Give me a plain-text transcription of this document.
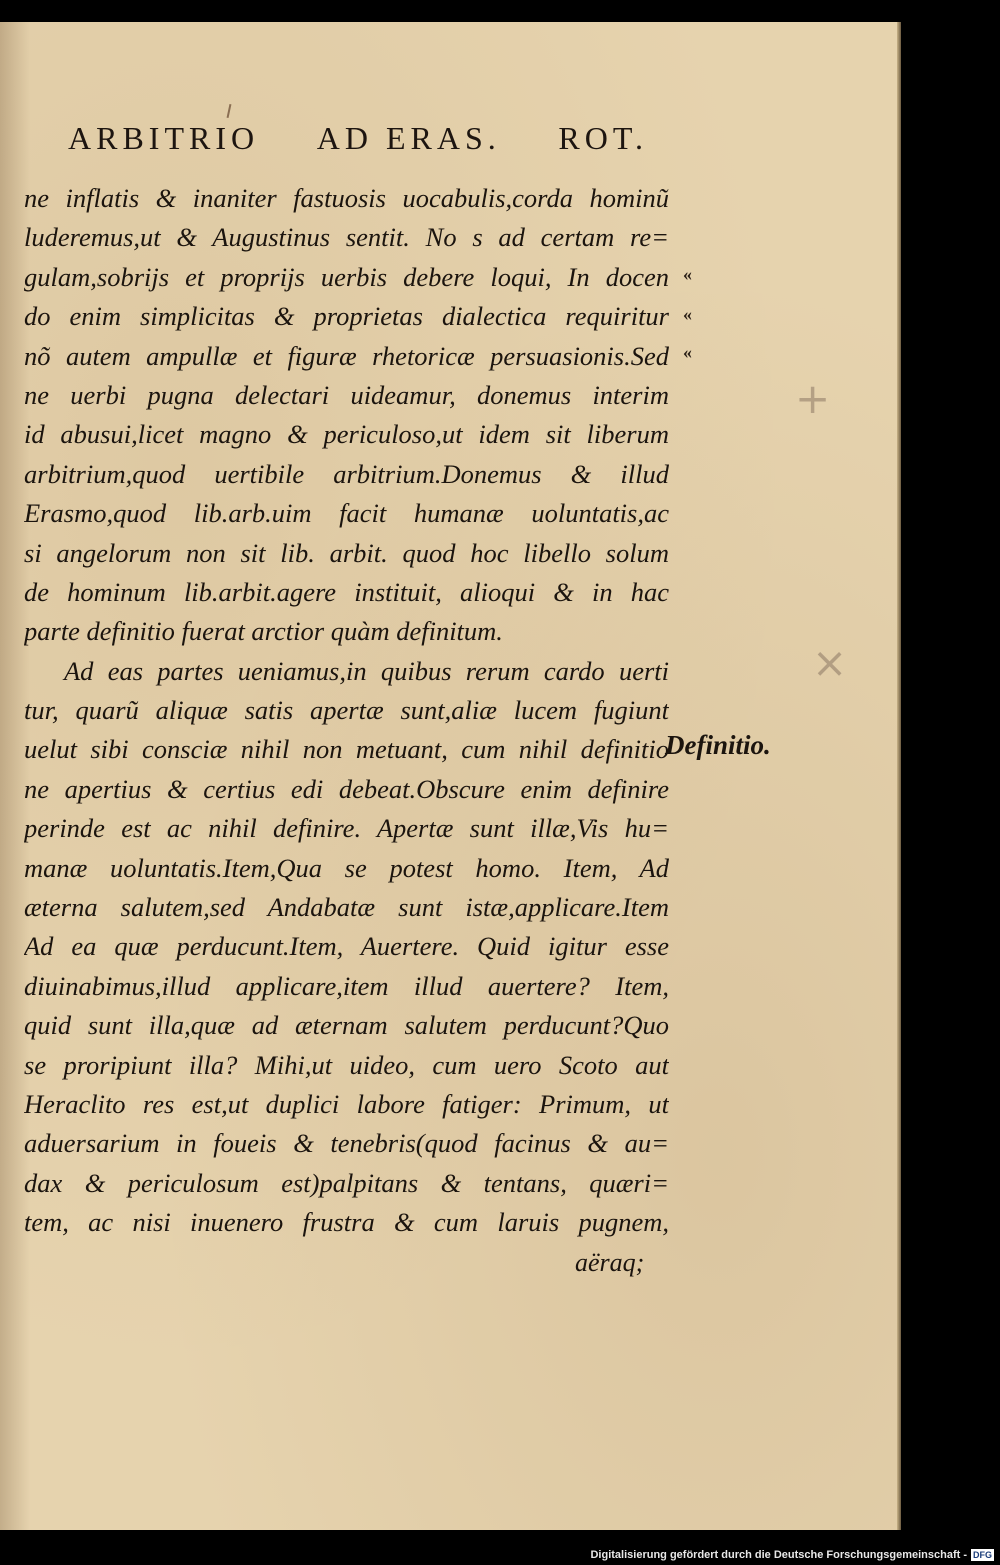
ARBITRIO AD ERAS. ROT.
ne inflatis & inaniter fastuosis uocabulis,corda hominũ
luderemus,ut & Augustinus sentit. No s ad certam re=
gulam,sobrijs et proprijs uerbis debere loqui, In docen
do enim simplicitas & proprietas dialectica requiritur
nõ autem ampullæ et figuræ rhetoricæ persuasionis.Sed
ne uerbi pugna delectari uideamur, donemus interim
id abusui,licet magno & periculoso,ut idem sit liberum
arbitrium,quod uertibile arbitrium.Donemus & illud
Erasmo,quod lib.arb.uim facit humanæ uoluntatis,ac
si angelorum non sit lib. arbit. quod hoc libello solum
de hominum lib.arbit.agere instituit, alioqui & in hac
parte definitio fuerat arctior quàm definitum.
Ad eas partes ueniamus,in quibus rerum cardo uerti
tur, quarũ aliquæ satis apertæ sunt,aliæ lucem fugiunt
uelut sibi consciæ nihil non metuant, cum nihil definitio
ne apertius & certius edi debeat.Obscure enim definire
perinde est ac nihil definire. Apertæ sunt illæ,Vis hu=
manæ uoluntatis.Item,Qua se potest homo. Item, Ad
æterna salutem,sed Andabatæ sunt istæ,applicare.Item
Ad ea quæ perducunt.Item, Auertere. Quid igitur esse
diuinabimus,illud applicare,item illud auertere? Item,
quid sunt illa,quæ ad æternam salutem perducunt?Quo
se proripiunt illa? Mihi,ut uideo, cum uero Scoto aut
Heraclito res est,ut duplici labore fatiger: Primum, ut
aduersarium in foueis & tenebris(quod facinus & au=
dax & periculosum est)palpitans & tentans, quæri=
tem, ac nisi inuenero frustra & cum laruis pugnem,
aëraq;
«
«
«
Definitio.
+
×
Digitalisierung gefördert durch die Deutsche Forschungsgemeinschaft - DFG
